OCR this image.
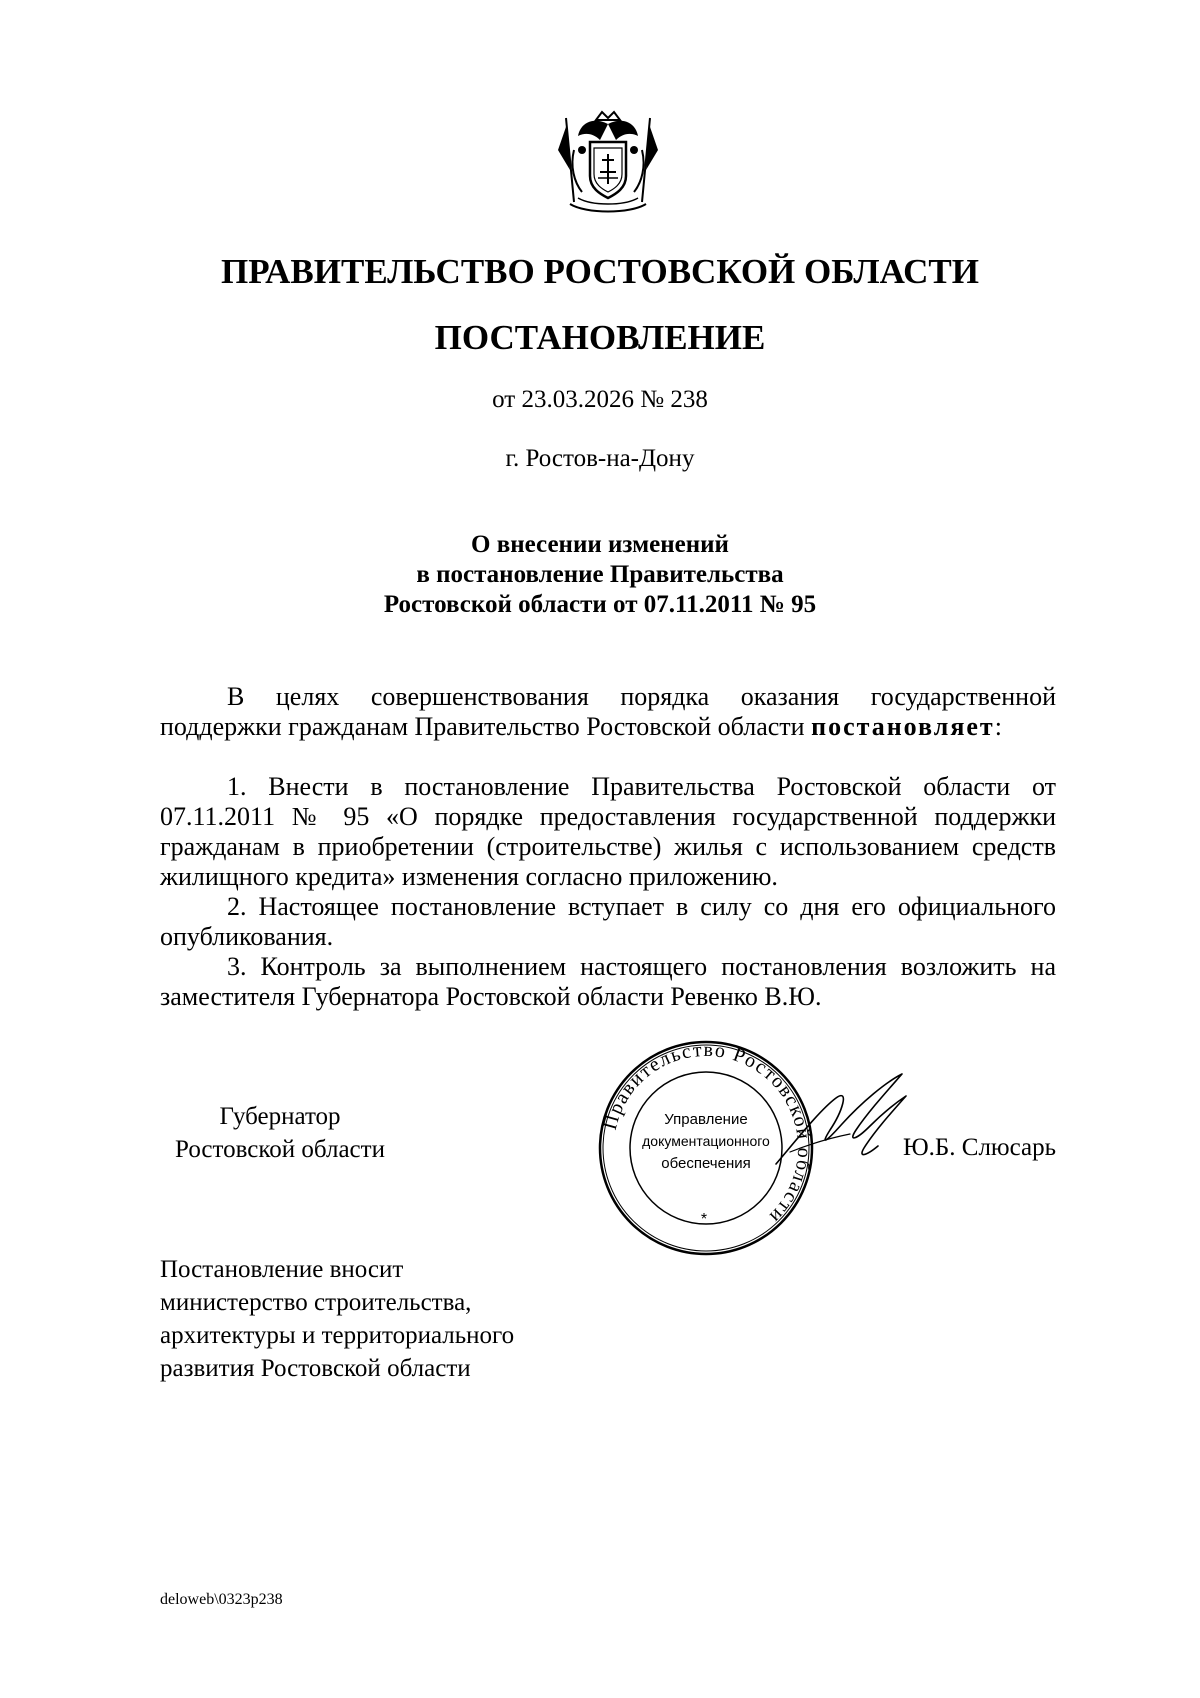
ПРАВИТЕЛЬСТВО РОСТОВСКОЙ ОБЛАСТИ
ПОСТАНОВЛЕНИЕ
от 23.03.2026 № 238
г. Ростов-на-Дону
О внесении изменений
в постановление Правительства
Ростовской области от 07.11.2011 № 95

В целях совершенствования порядка оказания государственной поддержки гражданам Правительство Ростовской области постановляет:

1. Внести в постановление Правительства Ростовской области от 07.11.2011 № 95 «О порядке предоставления государственной поддержки гражданам в приобретении (строительстве) жилья с использованием средств жилищного кредита» изменения согласно приложению.

2. Настоящее постановление вступает в силу со дня его официального опубликования.

3. Контроль за выполнением настоящего постановления возложить на заместителя Губернатора Ростовской области Ревенко В.Ю.

Губернатор
Ростовской области
Правительство Ростовской области
Управление
документационного
обеспечения
*
Ю.Б. Слюсарь
Постановление вносит
министерство строительства,
архитектуры и территориального
развития Ростовской области
deloweb\0323p238
